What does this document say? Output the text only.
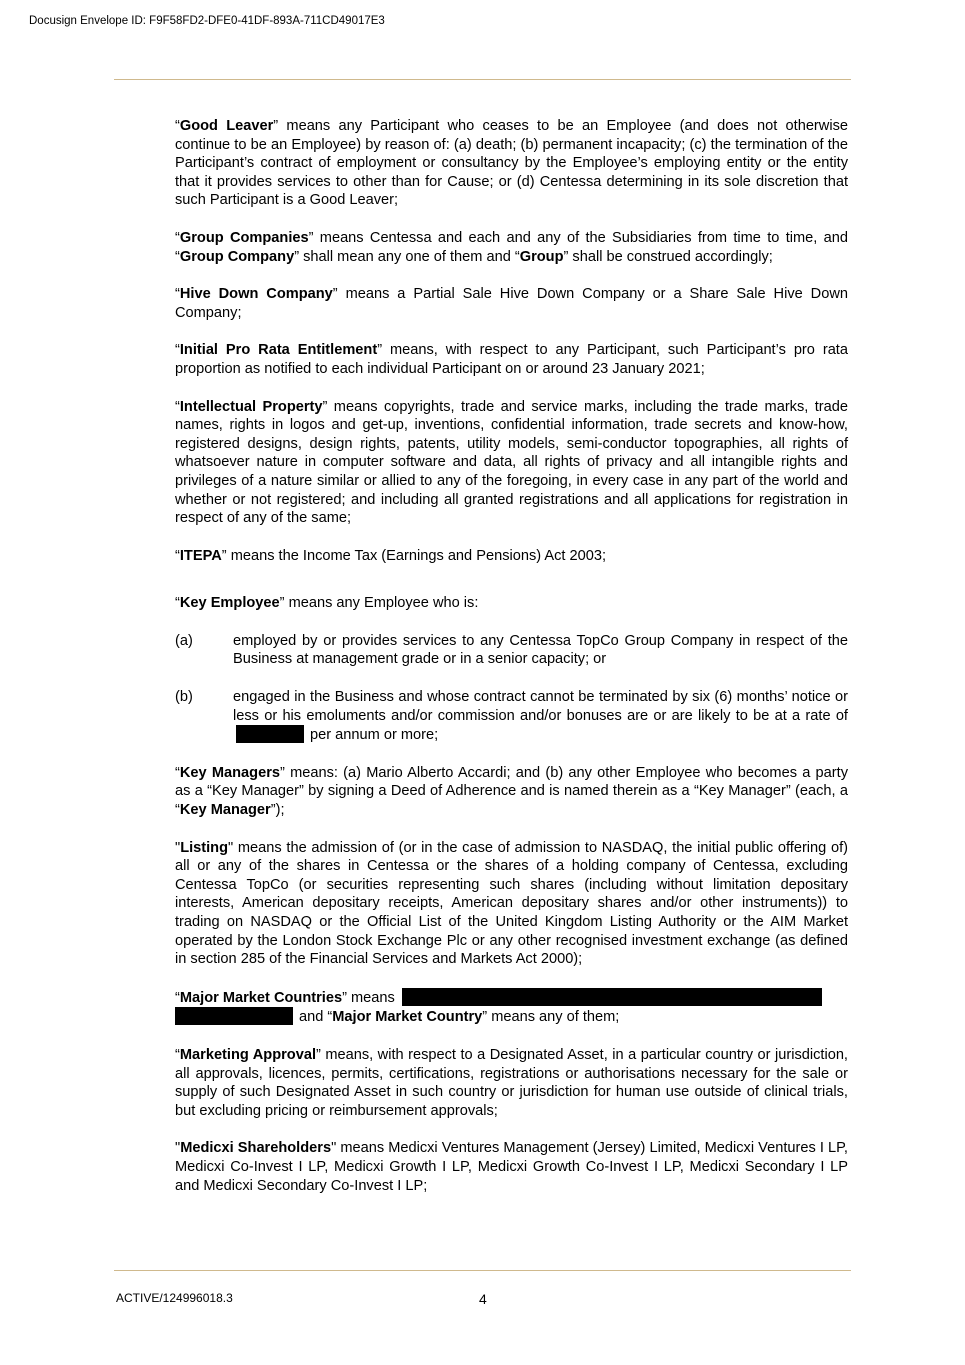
Docusign Envelope ID: F9F58FD2-DFE0-41DF-893A-711CD49017E3

“Good Leaver” means any Participant who ceases to be an Employee (and does not otherwise continue to be an Employee) by reason of: (a) death; (b) permanent incapacity; (c) the termination of the Participant’s contract of employment or consultancy by the Employee’s employing entity or the entity that it provides services to other than for Cause; or (d) Centessa determining in its sole discretion that such Participant is a Good Leaver;

“Group Companies” means Centessa and each and any of the Subsidiaries from time to time, and “Group Company” shall mean any one of them and “Group” shall be construed accordingly;

“Hive Down Company” means a Partial Sale Hive Down Company or a Share Sale Hive Down Company;

“Initial Pro Rata Entitlement” means, with respect to any Participant, such Participant’s pro rata proportion as notified to each individual Participant on or around 23 January 2021;

“Intellectual Property” means copyrights, trade and service marks, including the trade marks, trade names, rights in logos and get-up, inventions, confidential information, trade secrets and know-how, registered designs, design rights, patents, utility models, semi-conductor topographies, all rights of whatsoever nature in computer software and data, all rights of privacy and all intangible rights and privileges of a nature similar or allied to any of the foregoing, in every case in any part of the world and whether or not registered; and including all granted registrations and all applications for registration in respect of any of the same;

“ITEPA” means the Income Tax (Earnings and Pensions) Act 2003;

“Key Employee” means any Employee who is:

(a)	employed by or provides services to any Centessa TopCo Group Company in respect of the Business at management grade or in a senior capacity; or
(b)	engaged in the Business and whose contract cannot be terminated by six (6) months’ notice or less or his emoluments and/or commission and/or bonuses are or are likely to be at a rate ofper annum or more;

“Key Managers” means: (a) Mario Alberto Accardi; and (b) any other Employee who becomes a party as a “Key Manager” by signing a Deed of Adherence and is named therein as a “Key Manager” (each, a “Key Manager”);

"Listing" means the admission of (or in the case of admission to NASDAQ, the initial public offering of) all or any of the shares in Centessa or the shares of a holding company of Centessa, excluding Centessa TopCo (or securities representing such shares (including without limitation depositary interests, American depositary receipts, American depositary shares and/or other instruments)) to trading on NASDAQ or the Official List of the United Kingdom Listing Authority or the AIM Market operated by the London Stock Exchange Plc or any other recognised investment exchange (as defined in section 285 of the Financial Services and Markets Act 2000);

“Major Market Countries” means
and “Major Market Country” means any of them;

“Marketing Approval” means, with respect to a Designated Asset, in a particular country or jurisdiction, all approvals, licences, permits, certifications, registrations or authorisations necessary for the sale or supply of such Designated Asset in such country or jurisdiction for human use outside of clinical trials, but excluding pricing or reimbursement approvals;

"Medicxi Shareholders" means Medicxi Ventures Management (Jersey) Limited, Medicxi Ventures I LP, Medicxi Co-Invest I LP, Medicxi Growth I LP, Medicxi Growth Co-Invest I LP, Medicxi Secondary I LP and Medicxi Secondary Co-Invest I LP;

ACTIVE/124996018.3	4
